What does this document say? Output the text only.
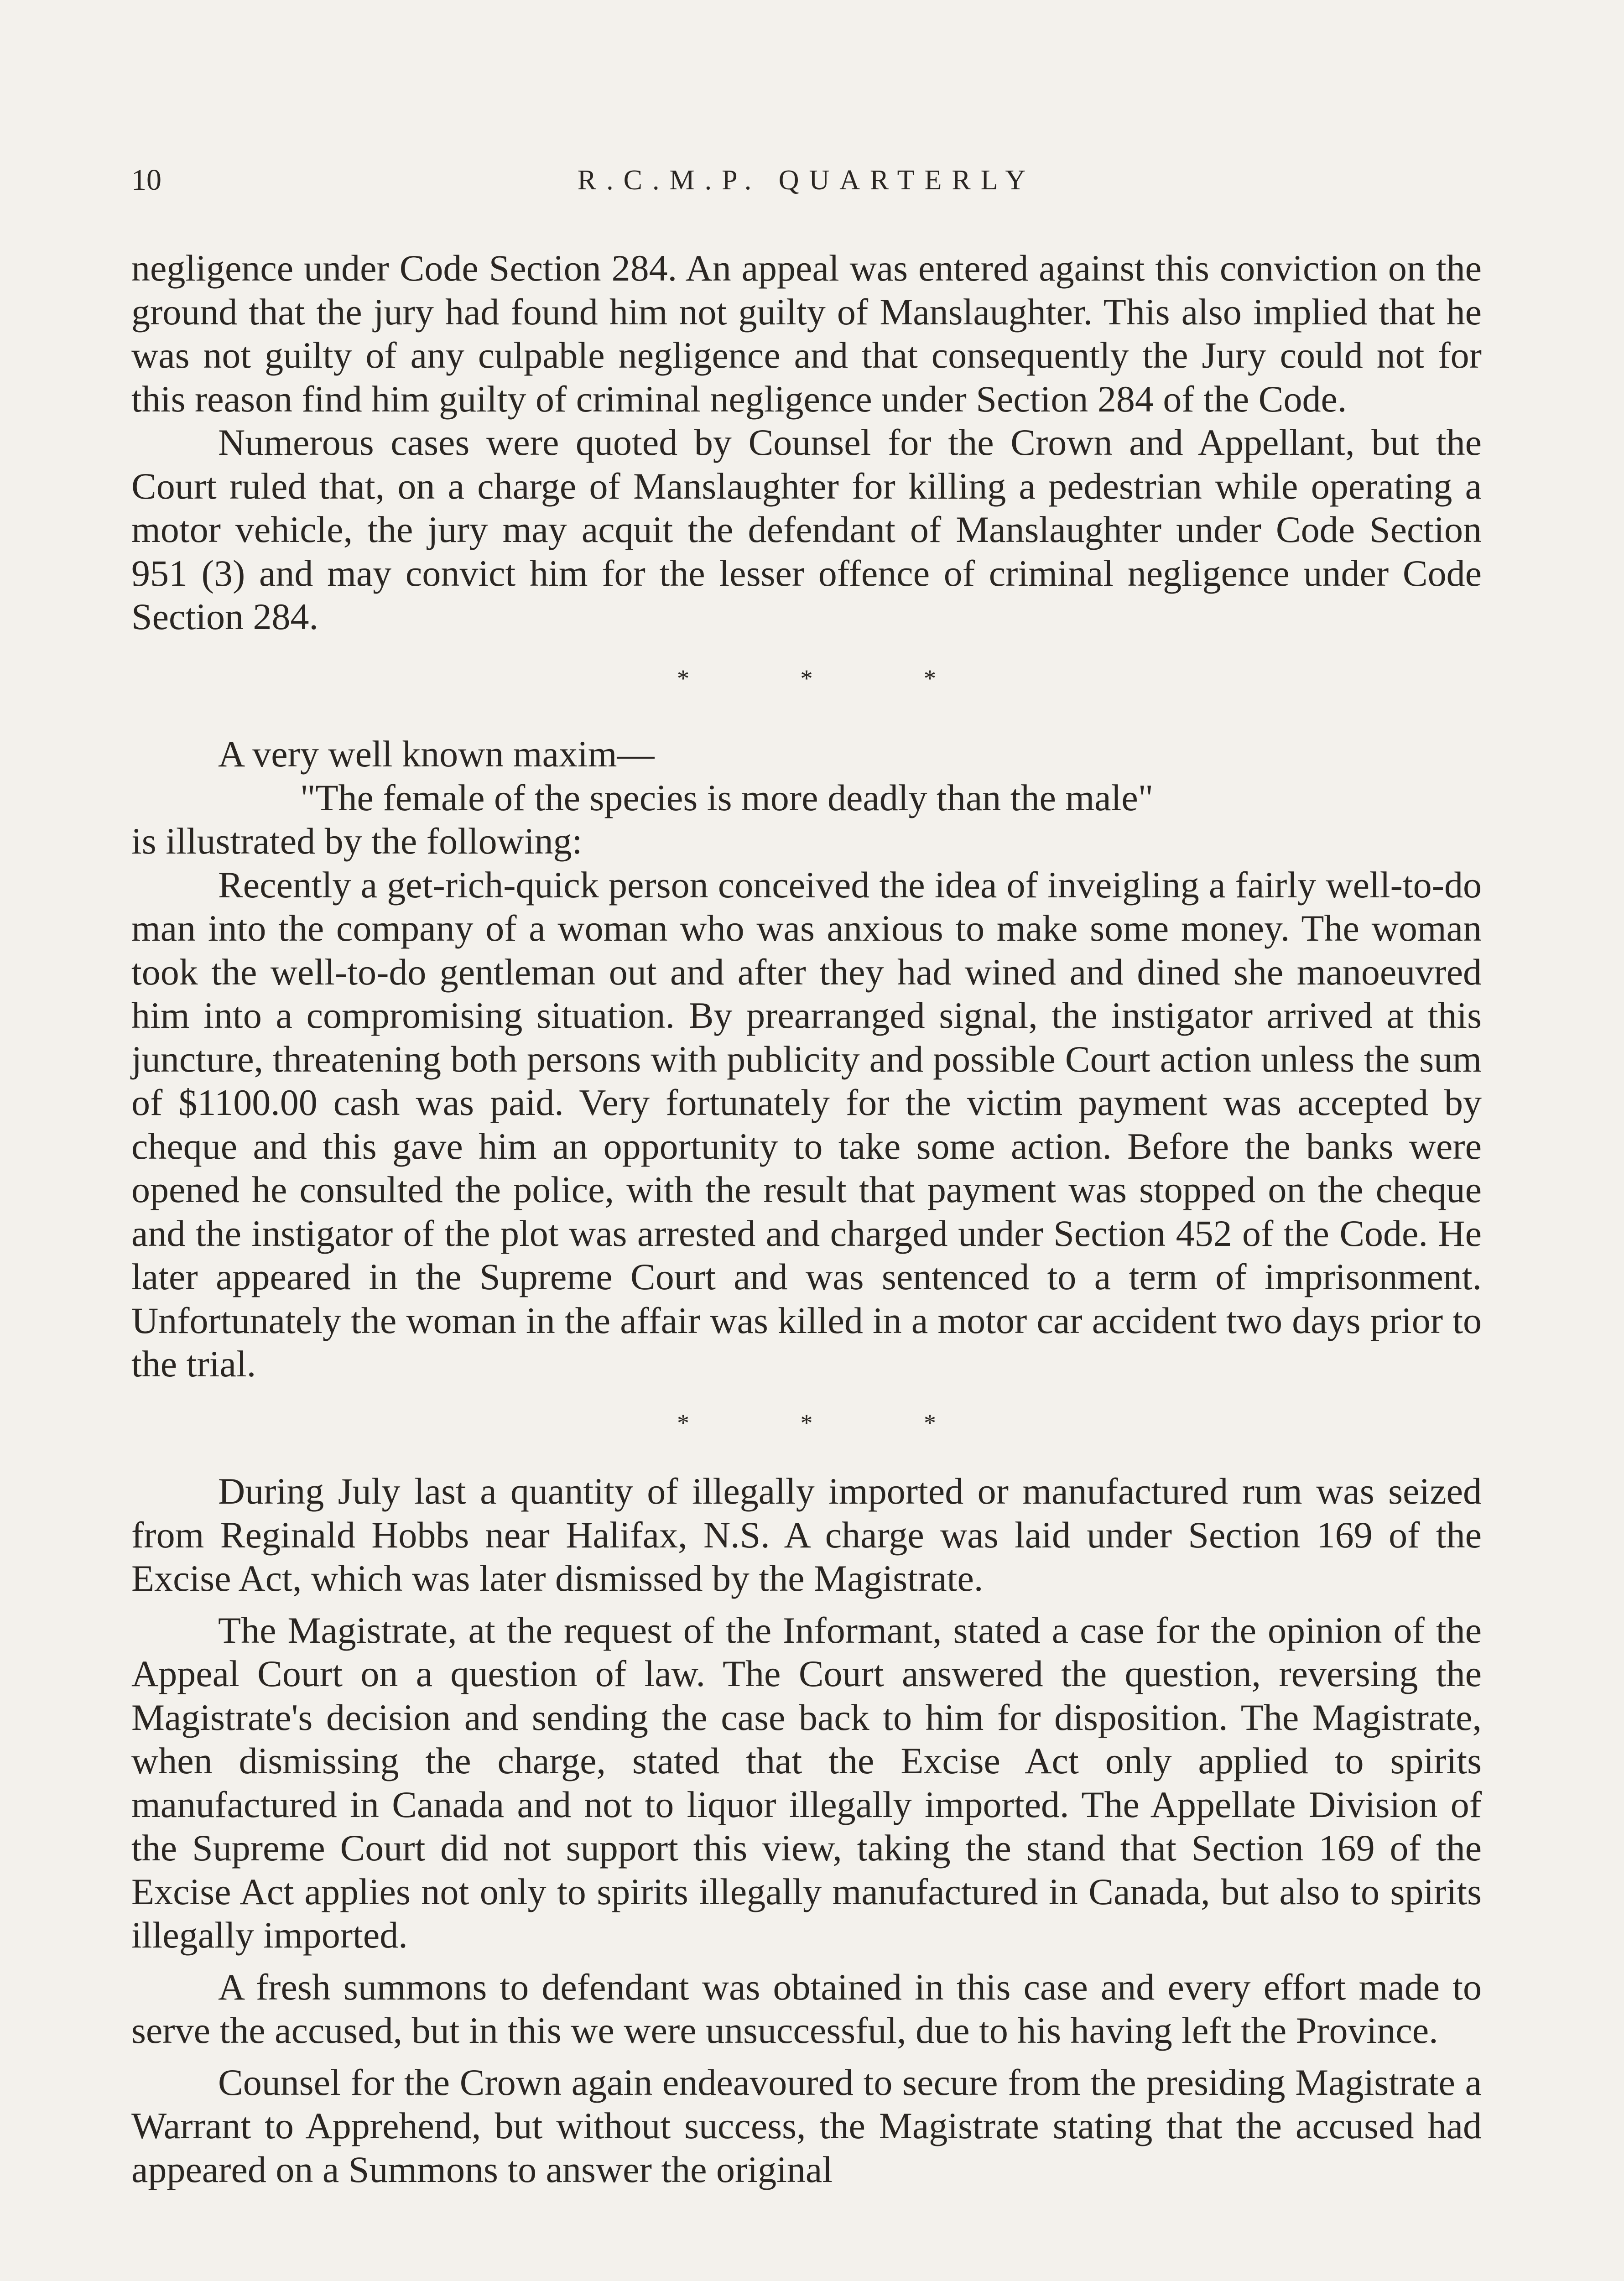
10	R.C.M.P. QUARTERLY

negligence under Code Section 284. An appeal was entered against this conviction on the ground that the jury had found him not guilty of Manslaughter. This also implied that he was not guilty of any culpable negligence and that consequently the Jury could not for this reason find him guilty of criminal negligence under Section 284 of the Code.

Numerous cases were quoted by Counsel for the Crown and Appellant, but the Court ruled that, on a charge of Manslaughter for killing a pedestrian while operating a motor vehicle, the jury may acquit the defendant of Manslaughter under Code Section 951 (3) and may convict him for the lesser offence of criminal negligence under Code Section 284.

* * *

A very well known maxim—

"The female of the species is more deadly than the male"

is illustrated by the following:

Recently a get-rich-quick person conceived the idea of inveigling a fairly well-to-do man into the company of a woman who was anxious to make some money. The woman took the well-to-do gentleman out and after they had wined and dined she manoeuvred him into a compromising situation. By prearranged signal, the instigator arrived at this juncture, threatening both persons with publicity and possible Court action unless the sum of $1100.00 cash was paid. Very fortunately for the victim payment was accepted by cheque and this gave him an opportunity to take some action. Before the banks were opened he consulted the police, with the result that payment was stopped on the cheque and the instigator of the plot was arrested and charged under Section 452 of the Code. He later appeared in the Supreme Court and was sentenced to a term of imprisonment. Unfortunately the woman in the affair was killed in a motor car accident two days prior to the trial.

* * *

During July last a quantity of illegally imported or manufactured rum was seized from Reginald Hobbs near Halifax, N.S. A charge was laid under Section 169 of the Excise Act, which was later dismissed by the Magistrate.

The Magistrate, at the request of the Informant, stated a case for the opinion of the Appeal Court on a question of law. The Court answered the question, reversing the Magistrate's decision and sending the case back to him for disposition. The Magistrate, when dismissing the charge, stated that the Excise Act only applied to spirits manufactured in Canada and not to liquor illegally imported. The Appellate Division of the Supreme Court did not support this view, taking the stand that Section 169 of the Excise Act applies not only to spirits illegally manufactured in Canada, but also to spirits illegally imported.

A fresh summons to defendant was obtained in this case and every effort made to serve the accused, but in this we were unsuccessful, due to his having left the Province.

Counsel for the Crown again endeavoured to secure from the presiding Magistrate a Warrant to Apprehend, but without success, the Magistrate stating that the accused had appeared on a Summons to answer the original
